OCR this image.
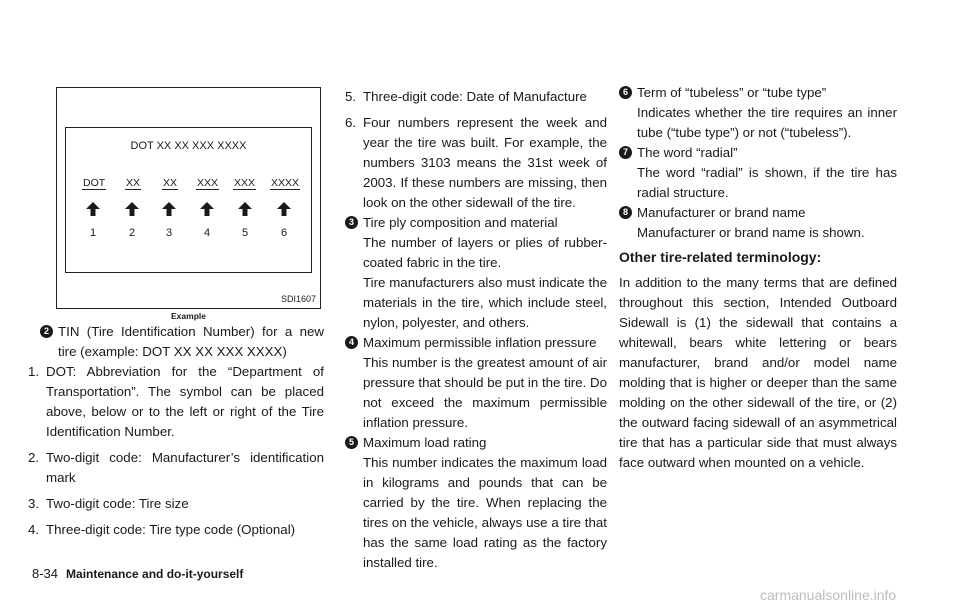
DOT XX XX XXX XXXX
DOT XX XX XXX XXX XXXX
1	2	3	4	5	6
SDI1607
Example
2 TIN (Tire Identification Number) for a new tire (example: DOT XX XX XXX XXXX)
1. DOT: Abbreviation for the “Department of Transportation”. The symbol can be placed above, below or to the left or right of the Tire Identification Number.
2. Two-digit code: Manufacturer’s identification mark
3. Two-digit code: Tire size
4. Three-digit code: Tire type code (Optional)
5. Three-digit code: Date of Manufacture
6. Four numbers represent the week and year the tire was built. For example, the numbers 3103 means the 31st week of 2003. If these numbers are missing, then look on the other sidewall of the tire.
3 Tire ply composition and material
The number of layers or plies of rubber-coated fabric in the tire.
Tire manufacturers also must indicate the materials in the tire, which include steel, nylon, polyester, and others.
4 Maximum permissible inflation pressure
This number is the greatest amount of air pressure that should be put in the tire. Do not exceed the maximum permissible inflation pressure.
5 Maximum load rating
This number indicates the maximum load in kilograms and pounds that can be carried by the tire. When replacing the tires on the vehicle, always use a tire that has the same load rating as the factory installed tire.
6 Term of “tubeless” or “tube type”
Indicates whether the tire requires an inner tube (“tube type”) or not (“tubeless”).
7 The word “radial”
The word “radial” is shown, if the tire has radial structure.
8 Manufacturer or brand name
Manufacturer or brand name is shown.
Other tire-related terminology:
In addition to the many terms that are defined throughout this section, Intended Outboard Sidewall is (1) the sidewall that contains a whitewall, bears white lettering or bears manufacturer, brand and/or model name molding that is higher or deeper than the same molding on the other sidewall of the tire, or (2) the outward facing sidewall of an asymmetrical tire that has a particular side that must always face outward when mounted on a vehicle.
8-34 Maintenance and do-it-yourself
carmanualsonline.info
